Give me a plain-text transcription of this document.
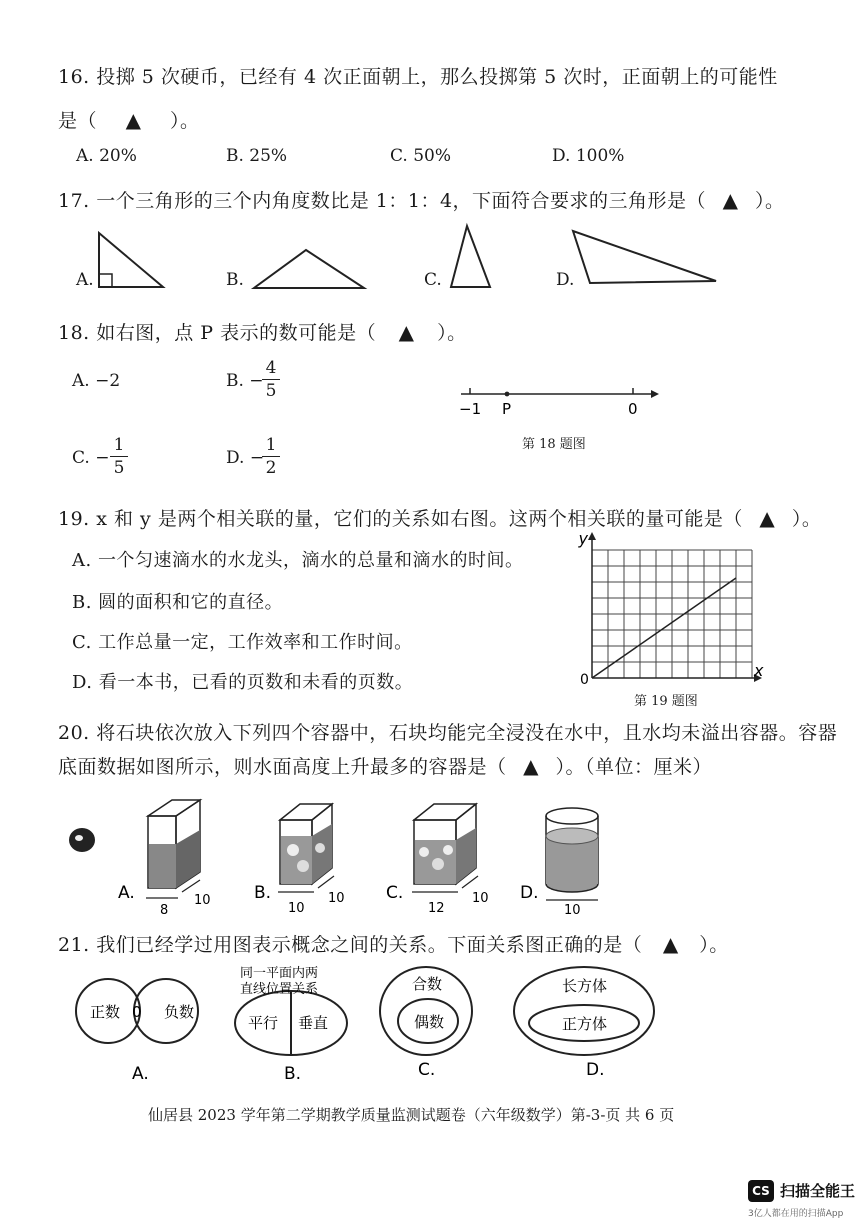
16. 投掷 5 次硬币，已经有 4 次正面朝上，那么投掷第 5 次时，正面朝上的可能性
是（ ▲ ）。
A. 20%	B. 25%	C. 50%	D. 100%
17. 一个三角形的三个内角度数比是 1：1：4，下面符合要求的三角形是（ ▲ ）。
A.	B.	C.	D.
18. 如右图，点 P 表示的数可能是（ ▲ ）。
A. −2	B. −
4
5
C. −
1
5	D. −
1
2
−1 P	0
第 18 题图
19. x 和 y 是两个相关联的量，它们的关系如右图。这两个相关联的量可能是（ ▲ ）。
A. 一个匀速滴水的水龙头，滴水的总量和滴水的时间。
B. 圆的面积和它的直径。
C. 工作总量一定，工作效率和工作时间。
D. 看一本书，已看的页数和未看的页数。
y
x
0
第 19 题图
20. 将石块依次放入下列四个容器中，石块均能完全浸没在水中，且水均未溢出容器。容器
底面数据如图所示，则水面高度上升最多的容器是（ ▲ ）。（单位：厘米）
A.
8
10	B.
10
10 C.
12
10 D.
10
21. 我们已经学过用图表示概念之间的关系。下面关系图正确的是（ ▲ ）。
正数 0 负数
A.
同一平面内两
直线位置关系
平行 垂直
B.
合数
偶数
C.
长方体
正方体
D.
仙居县 2023 学年第二学期教学质量监测试题卷（六年级数学）第-3-页 共 6 页
CS 扫描全能王
3亿人都在用的扫描App
